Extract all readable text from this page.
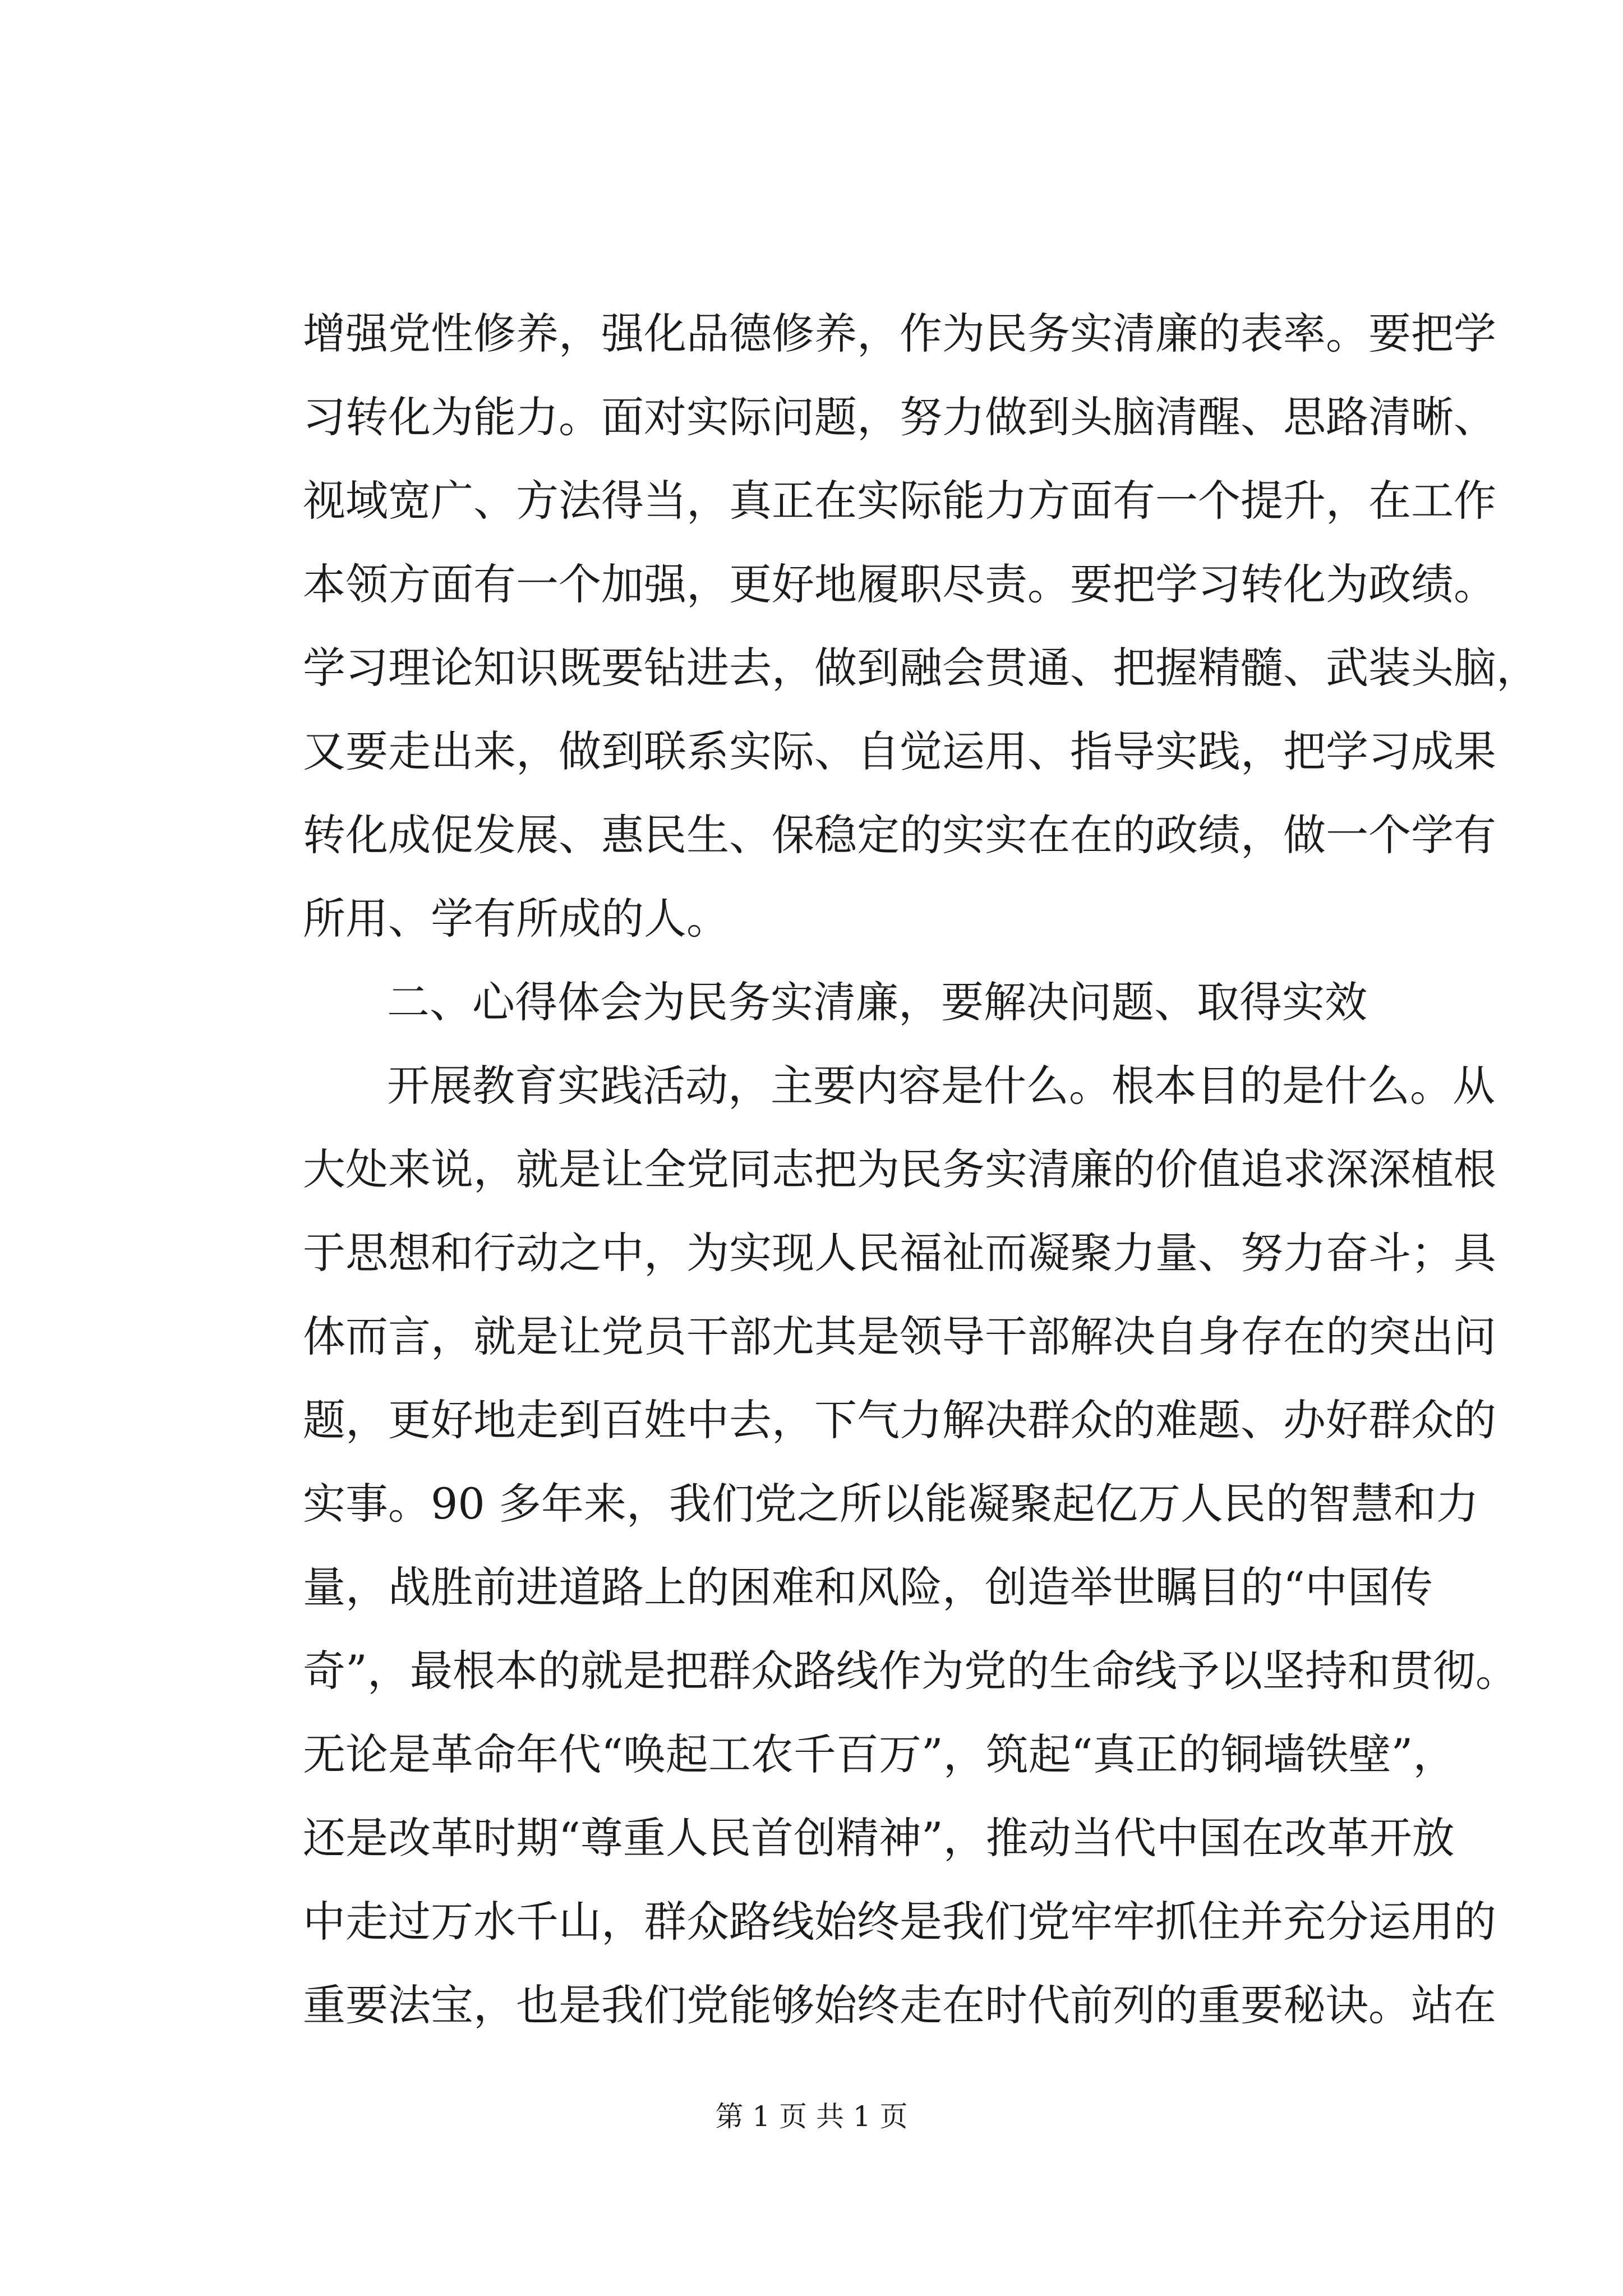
增强党性修养，强化品德修养，作为民务实清廉的表率。要把学
习转化为能力。面对实际问题，努力做到头脑清醒、思路清晰、
视域宽广、方法得当，真正在实际能力方面有一个提升，在工作
本领方面有一个加强，更好地履职尽责。要把学习转化为政绩。
学习理论知识既要钻进去，做到融会贯通、把握精髓、武装头脑，
又要走出来，做到联系实际、自觉运用、指导实践，把学习成果
转化成促发展、惠民生、保稳定的实实在在的政绩，做一个学有
所用、学有所成的人。
二、心得体会为民务实清廉，要解决问题、取得实效
开展教育实践活动，主要内容是什么。根本目的是什么。从
大处来说，就是让全党同志把为民务实清廉的价值追求深深植根
于思想和行动之中，为实现人民福祉而凝聚力量、努力奋斗；具
体而言，就是让党员干部尤其是领导干部解决自身存在的突出问
题，更好地走到百姓中去，下气力解决群众的难题、办好群众的
实事。90 多年来，我们党之所以能凝聚起亿万人民的智慧和力
量，战胜前进道路上的困难和风险，创造举世瞩目的“中国传
奇”，最根本的就是把群众路线作为党的生命线予以坚持和贯彻。
无论是革命年代“唤起工农千百万”，筑起“真正的铜墙铁壁”，
还是改革时期“尊重人民首创精神”，推动当代中国在改革开放
中走过万水千山，群众路线始终是我们党牢牢抓住并充分运用的
重要法宝，也是我们党能够始终走在时代前列的重要秘诀。站在
第 1 页 共 1 页
